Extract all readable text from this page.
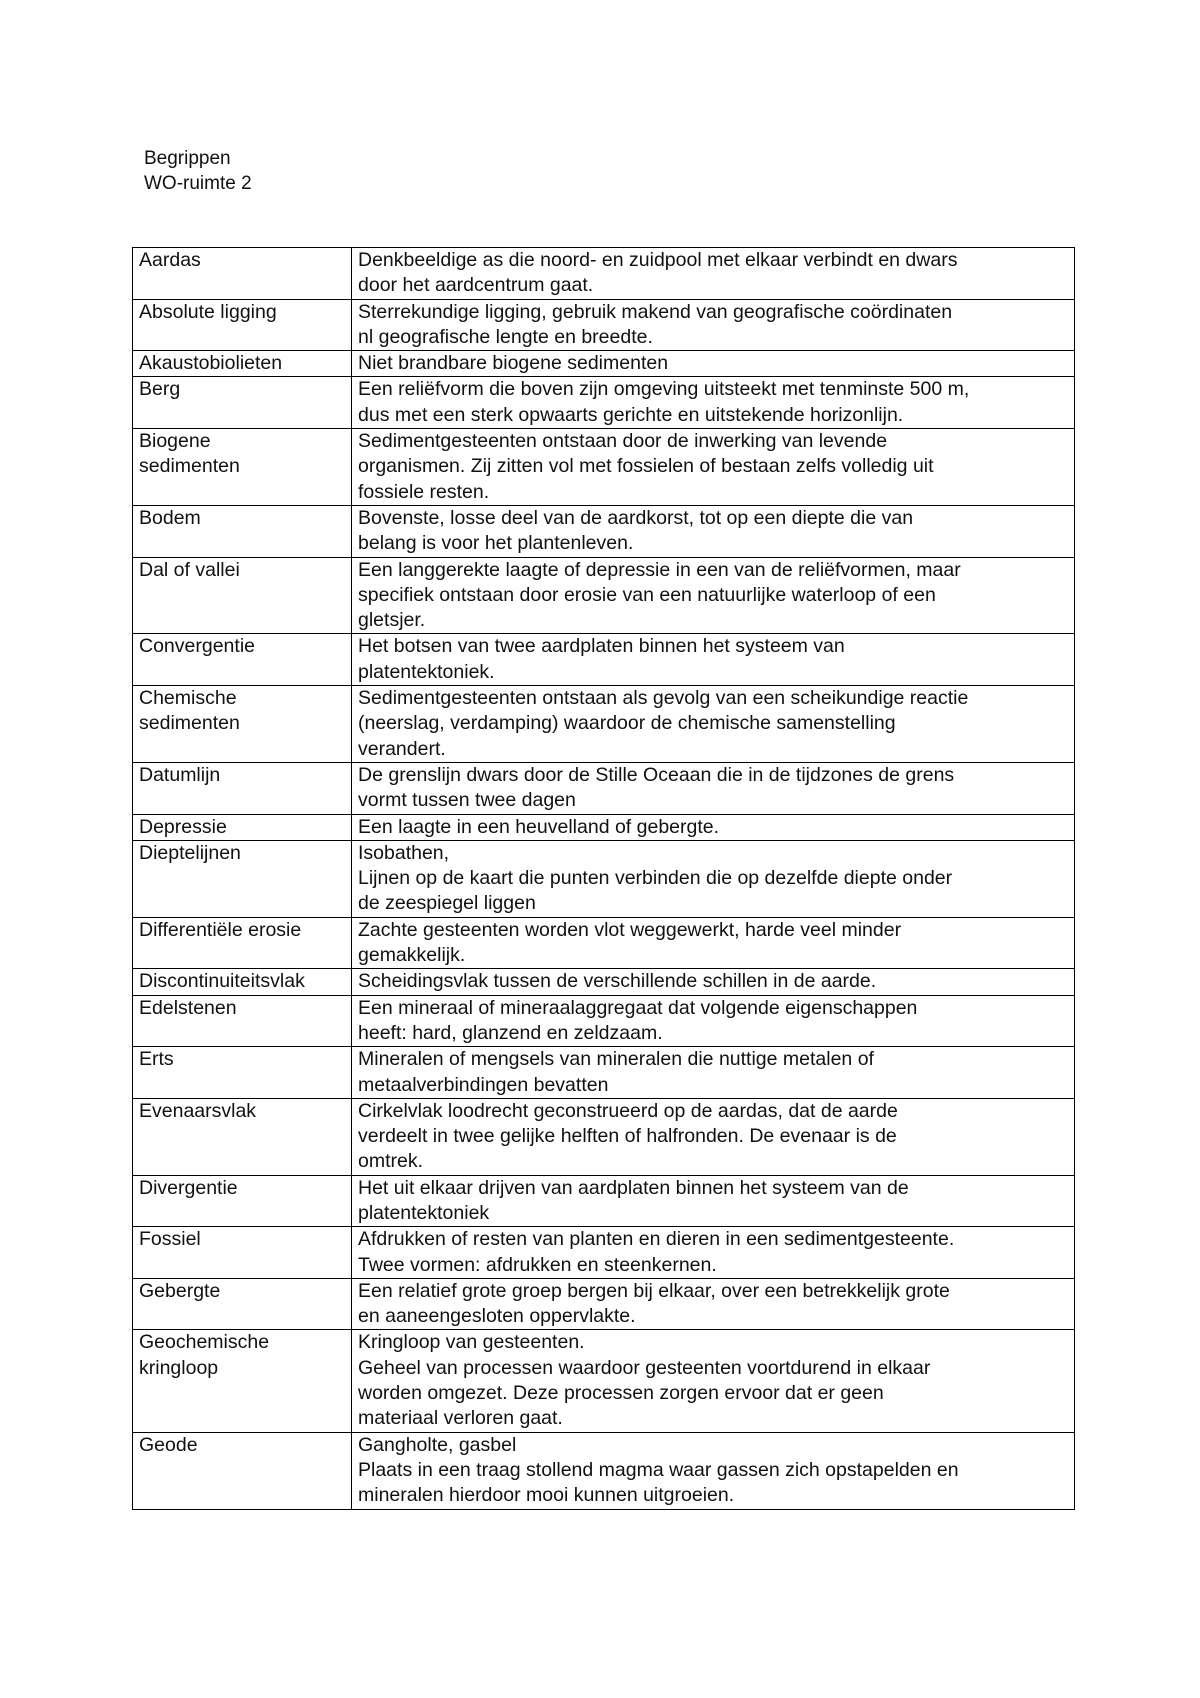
Begrippen
WO-ruimte 2
Aardas	Denkbeeldige as die noord- en zuidpool met elkaar verbindt en dwars
door het aardcentrum gaat.
Absolute ligging	Sterrekundige ligging, gebruik makend van geografische coördinaten
nl geografische lengte en breedte.
Akaustobiolieten	Niet brandbare biogene sedimenten
Berg	Een reliëfvorm die boven zijn omgeving uitsteekt met tenminste 500 m,
dus met een sterk opwaarts gerichte en uitstekende horizonlijn.
Biogene
sedimenten	Sedimentgesteenten ontstaan door de inwerking van levende
organismen. Zij zitten vol met fossielen of bestaan zelfs volledig uit
fossiele resten.
Bodem	Bovenste, losse deel van de aardkorst, tot op een diepte die van
belang is voor het plantenleven.
Dal of vallei	Een langgerekte laagte of depressie in een van de reliëfvormen, maar
specifiek ontstaan door erosie van een natuurlijke waterloop of een
gletsjer.
Convergentie	Het botsen van twee aardplaten binnen het systeem van
platentektoniek.
Chemische
sedimenten	Sedimentgesteenten ontstaan als gevolg van een scheikundige reactie
(neerslag, verdamping) waardoor de chemische samenstelling
verandert.
Datumlijn	De grenslijn dwars door de Stille Oceaan die in de tijdzones de grens
vormt tussen twee dagen
Depressie	Een laagte in een heuvelland of gebergte.
Dieptelijnen	Isobathen,
Lijnen op de kaart die punten verbinden die op dezelfde diepte onder
de zeespiegel liggen
Differentiële erosie	Zachte gesteenten worden vlot weggewerkt, harde veel minder
gemakkelijk.
Discontinuiteitsvlak	Scheidingsvlak tussen de verschillende schillen in de aarde.

Edelstenen	Een mineraal of mineraalaggregaat dat volgende eigenschappen
heeft: hard, glanzend en zeldzaam.
Erts	Mineralen of mengsels van mineralen die nuttige metalen of
metaalverbindingen bevatten
Evenaarsvlak	Cirkelvlak loodrecht geconstrueerd op de aardas, dat de aarde
verdeelt in twee gelijke helften of halfronden. De evenaar is de
omtrek.
Divergentie	Het uit elkaar drijven van aardplaten binnen het systeem van de
platentektoniek
Fossiel	Afdrukken of resten van planten en dieren in een sedimentgesteente.
Twee vormen: afdrukken en steenkernen.
Gebergte	Een relatief grote groep bergen bij elkaar, over een betrekkelijk grote
en aaneengesloten oppervlakte.
Geochemische
kringloop	Kringloop van gesteenten.
Geheel van processen waardoor gesteenten voortdurend in elkaar
worden omgezet. Deze processen zorgen ervoor dat er geen
materiaal verloren gaat.
Geode	Gangholte, gasbel
Plaats in een traag stollend magma waar gassen zich opstapelden en
mineralen hierdoor mooi kunnen uitgroeien.
